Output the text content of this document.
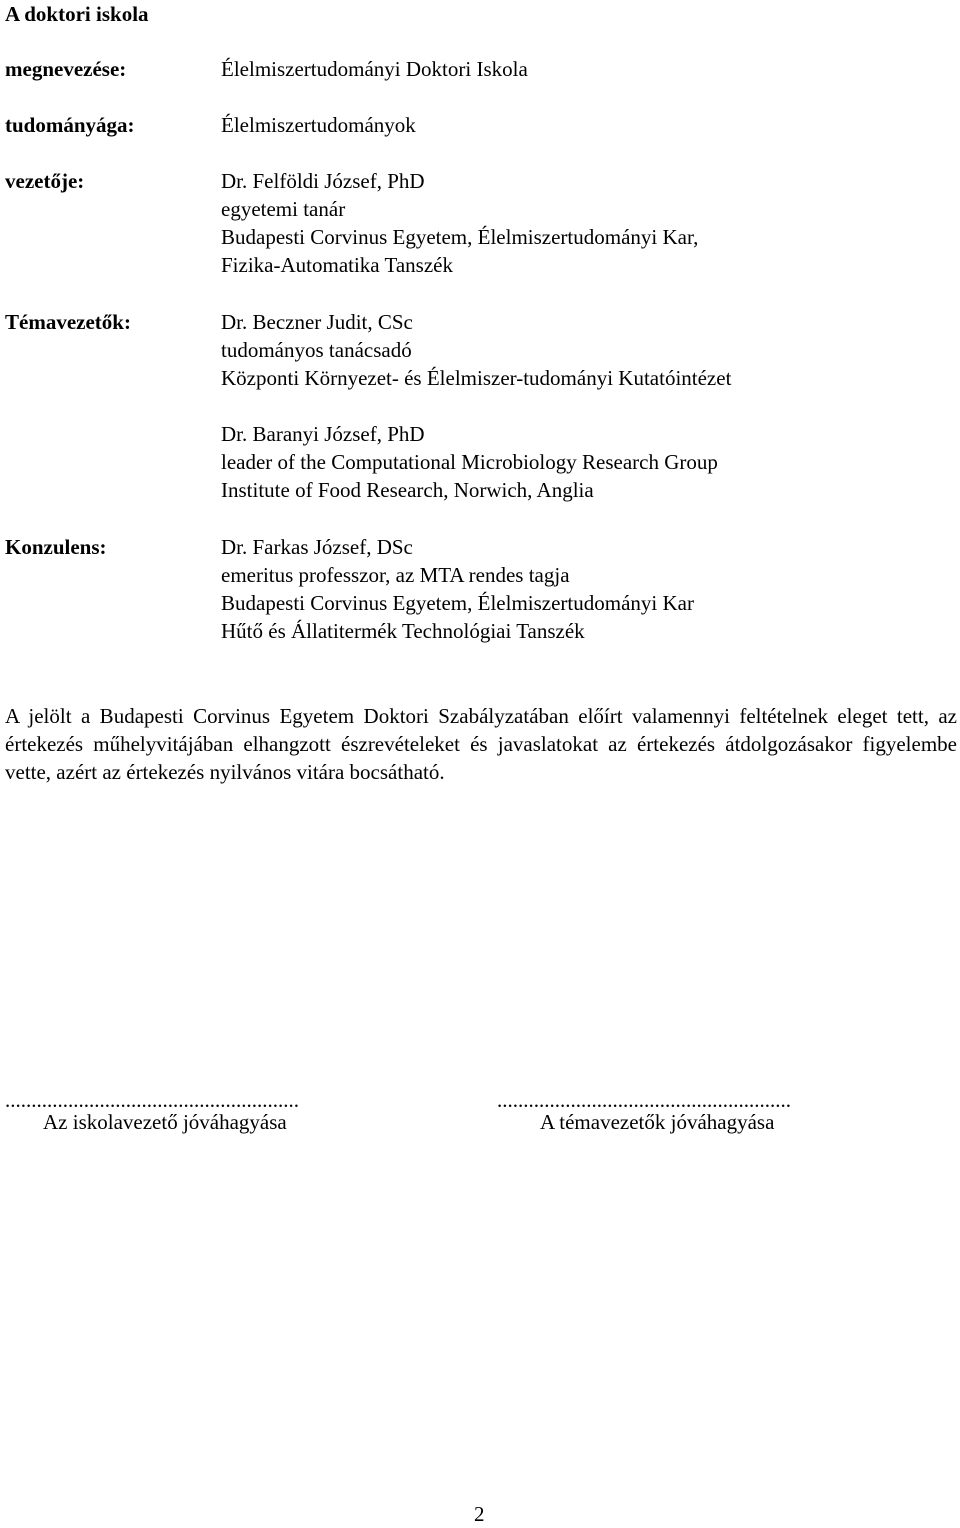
A doktori iskola
megnevezése:	Élelmiszertudományi Doktori Iskola
tudományága:	Élelmiszertudományok
vezetője:	Dr. Felföldi József, PhD
egyetemi tanár
Budapesti Corvinus Egyetem, Élelmiszertudományi Kar,
Fizika-Automatika Tanszék
Témavezetők:	Dr. Beczner Judit, CSc
tudományos tanácsadó
Központi Környezet- és Élelmiszer-tudományi Kutatóintézet
Dr. Baranyi József, PhD
leader of the Computational Microbiology Research Group
Institute of Food Research, Norwich, Anglia
Konzulens:	Dr. Farkas József, DSc
emeritus professzor, az MTA rendes tagja
Budapesti Corvinus Egyetem, Élelmiszertudományi Kar
Hűtő és Állatitermék Technológiai Tanszék
A jelölt a Budapesti Corvinus Egyetem Doktori Szabályzatában előírt valamennyi feltételnek eleget tett, az értekezés műhelyvitájában elhangzott észrevételeket és javaslatokat az értekezés átdolgozásakor figyelembe vette, azért az értekezés nyilvános vitára bocsátható.
........................................................
Az iskolavezető jóváhagyása
........................................................
A témavezetők jóváhagyása
2
